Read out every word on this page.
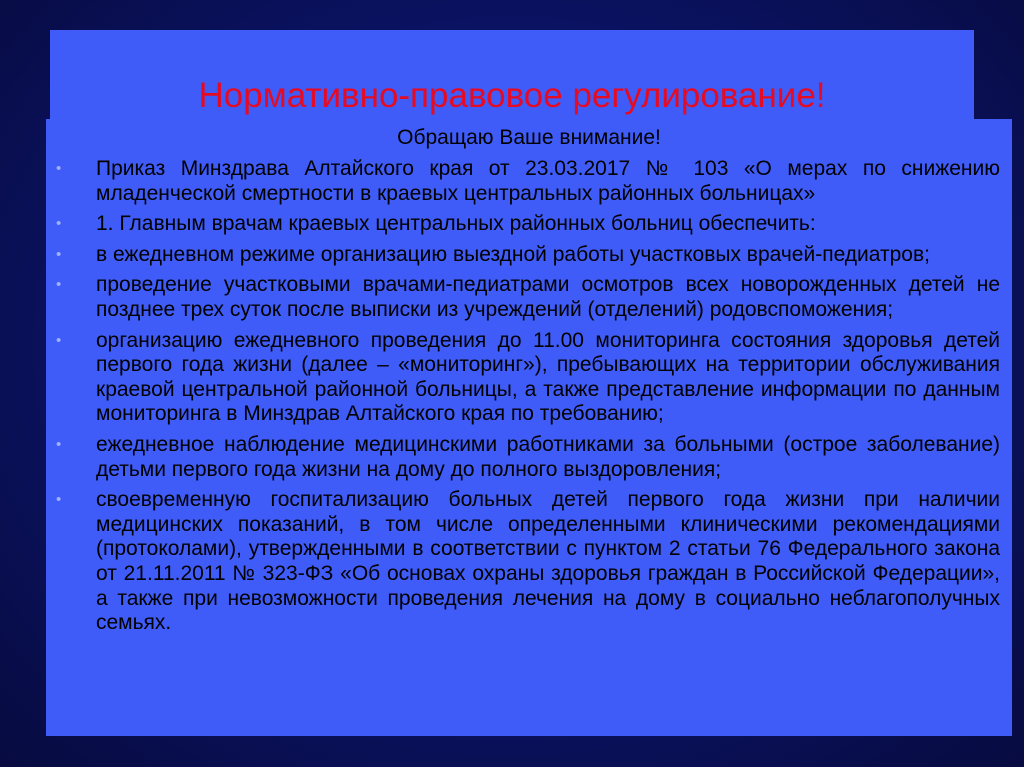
Нормативно-правовое регулирование!

Обращаю Ваше внимание!

• Приказ Минздрава Алтайского края от 23.03.2017 № 103 «О мерах по снижению младенческой смертности в краевых центральных районных больницах»
• 1. Главным врачам краевых центральных районных больниц обеспечить:
• в ежедневном режиме организацию выездной работы участковых врачей-педиатров;
• проведение участковыми врачами-педиатрами осмотров всех новорожденных детей не позднее трех суток после выписки из учреждений (отделений) родовспоможения;
• организацию ежедневного проведения до 11.00 мониторинга состояния здоровья детей первого года жизни (далее – «мониторинг»), пребывающих на территории обслуживания краевой центральной районной больницы, а также представление информации по данным мониторинга в Минздрав Алтайского края по требованию;
• ежедневное наблюдение медицинскими работниками за больными (острое заболевание) детьми первого года жизни на дому до полного выздоровления;
• своевременную госпитализацию больных детей первого года жизни при наличии медицинских показаний, в том числе определенными клиническими рекомендациями (протоколами), утвержденными в соответствии с пунктом 2 статьи 76 Федерального закона от 21.11.2011 № 323-ФЗ «Об основах охраны здоровья граждан в Российской Федерации», а также при невозможности проведения лечения на дому в социально неблагополучных семьях.
